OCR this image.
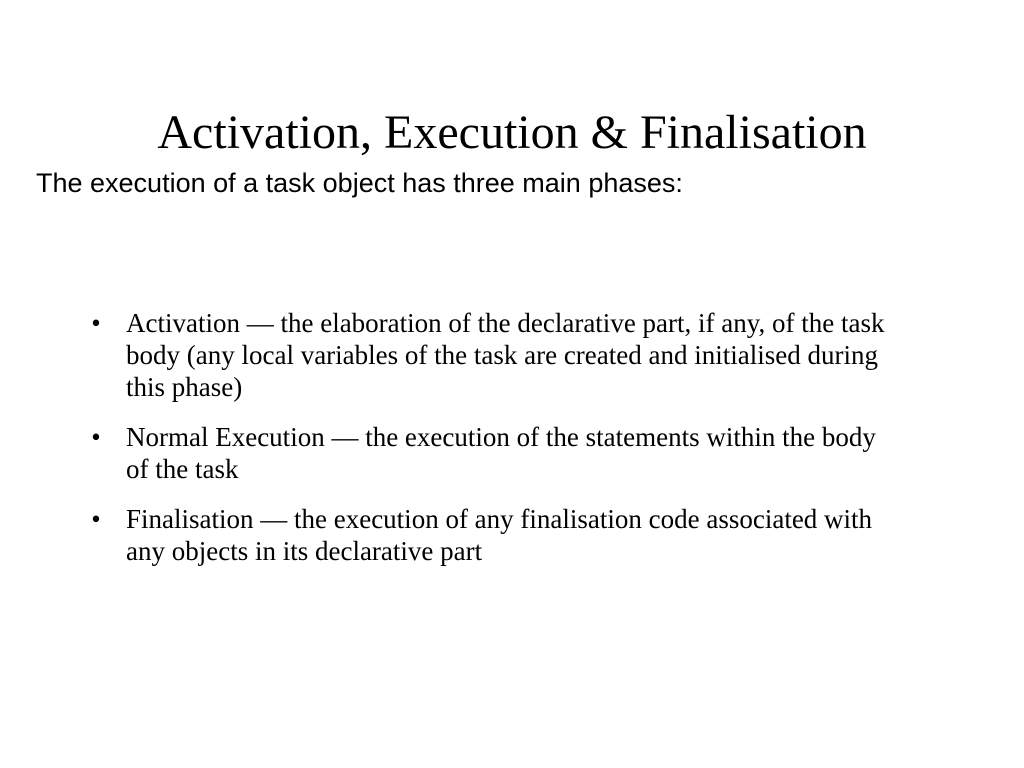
Activation, Execution & Finalisation
The execution of a task object has three main phases:
• Activation — the elaboration of the declarative part, if any, of the task body (any local variables of the task are created and initialised during this phase)
• Normal Execution — the execution of the statements within the body of the task
• Finalisation — the execution of any finalisation code associated with any objects in its declarative part
